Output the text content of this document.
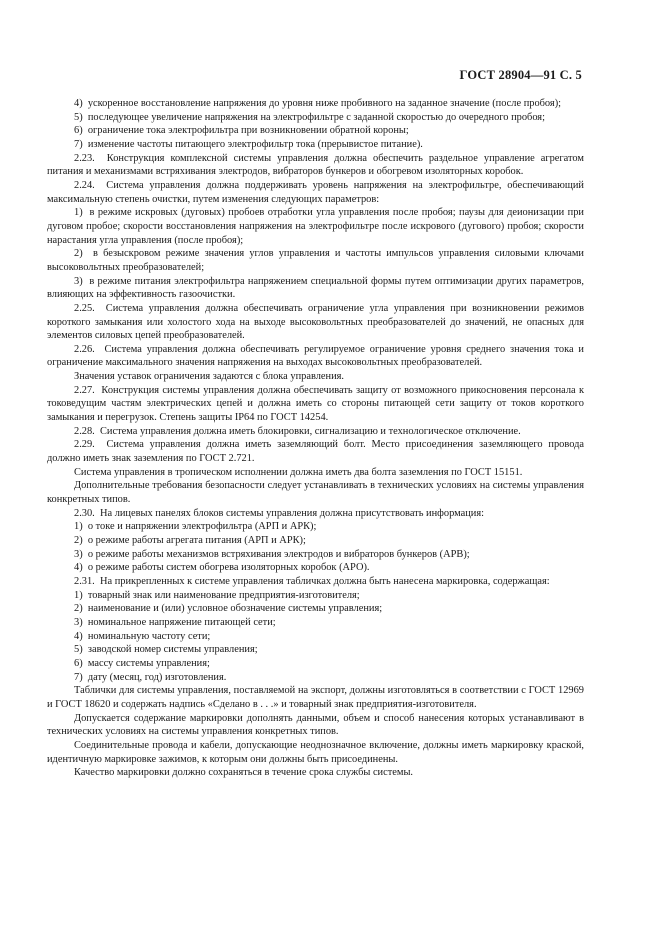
ГОСТ 28904—91 С. 5

4)  ускоренное восстановление напряжения до уровня ниже пробивного на заданное значение (после пробоя);

5)  последующее увеличение напряжения на электрофильтре с заданной скоростью до очередного пробоя;

6)  ограничение тока электрофильтра при возникновении обратной короны;

7)  изменение частоты питающего электрофильтр тока (прерывистое питание).

2.23.  Конструкция комплексной системы управления должна обеспечить раздельное управление агрегатом питания и механизмами встряхивания электродов, вибраторов бункеров и обогревом изоляторных коробок.

2.24.  Система управления должна поддерживать уровень напряжения на электрофильтре, обеспечивающий максимальную степень очистки, путем изменения следующих параметров:

1)  в режиме искровых (дуговых) пробоев отработки угла управления после пробоя; паузы для деионизации при дуговом пробое; скорости восстановления напряжения на электрофильтре после искрового (дугового) пробоя; скорости нарастания угла управления (после пробоя);

2)  в безыскровом режиме значения углов управления и частоты импульсов управления силовыми ключами высоковольтных преобразователей;

3)  в режиме питания электрофильтра напряжением специальной формы путем оптимизации других параметров, влияющих на эффективность газоочистки.

2.25.  Система управления должна обеспечивать ограничение угла управления при возникновении режимов короткого замыкания или холостого хода на выходе высоковольтных преобразователей до значений, не опасных для элементов силовых цепей преобразователей.

2.26.  Система управления должна обеспечивать регулируемое ограничение уровня среднего значения тока и ограничение максимального значения напряжения на выходах высоковольтных преобразователей.

Значения уставок ограничения задаются с блока управления.

2.27.  Конструкция системы управления должна обеспечивать защиту от возможного прикосновения персонала к токоведущим частям электрических цепей и должна иметь со стороны питающей сети защиту от токов короткого замыкания и перегрузок. Степень защиты IP64 по ГОСТ 14254.

2.28.  Система управления должна иметь блокировки, сигнализацию и технологическое отключение.

2.29.  Система управления должна иметь заземляющий болт. Место присоединения заземляющего провода должно иметь знак заземления по ГОСТ 2.721.

Система управления в тропическом исполнении должна иметь два болта заземления по ГОСТ 15151.

Дополнительные требования безопасности следует устанавливать в технических условиях на системы управления конкретных типов.

2.30.  На лицевых панелях блоков системы управления должна присутствовать информация:

1)  о токе и напряжении электрофильтра (АРП и АРК);

2)  о режиме работы агрегата питания (АРП и АРК);

3)  о режиме работы механизмов встряхивания электродов и вибраторов бункеров (АРВ);

4)  о режиме работы систем обогрева изоляторных коробок (АРО).

2.31.  На прикрепленных к системе управления табличках должна быть нанесена маркировка, содержащая:

1)  товарный знак или наименование предприятия-изготовителя;

2)  наименование и (или) условное обозначение системы управления;

3)  номинальное напряжение питающей сети;

4)  номинальную частоту сети;

5)  заводской номер системы управления;

6)  массу системы управления;

7)  дату (месяц, год) изготовления.

Таблички для системы управления, поставляемой на экспорт, должны изготовляться в соответствии с ГОСТ 12969 и ГОСТ 18620 и содержать надпись «Сделано в . . .» и товарный знак предприятия-изготовителя.

Допускается содержание маркировки дополнять данными, объем и способ нанесения которых устанавливают в технических условиях на системы управления конкретных типов.

Соединительные провода и кабели, допускающие неоднозначное включение, должны иметь маркировку краской, идентичную маркировке зажимов, к которым они должны быть присоединены.

Качество маркировки должно сохраняться в течение срока службы системы.
